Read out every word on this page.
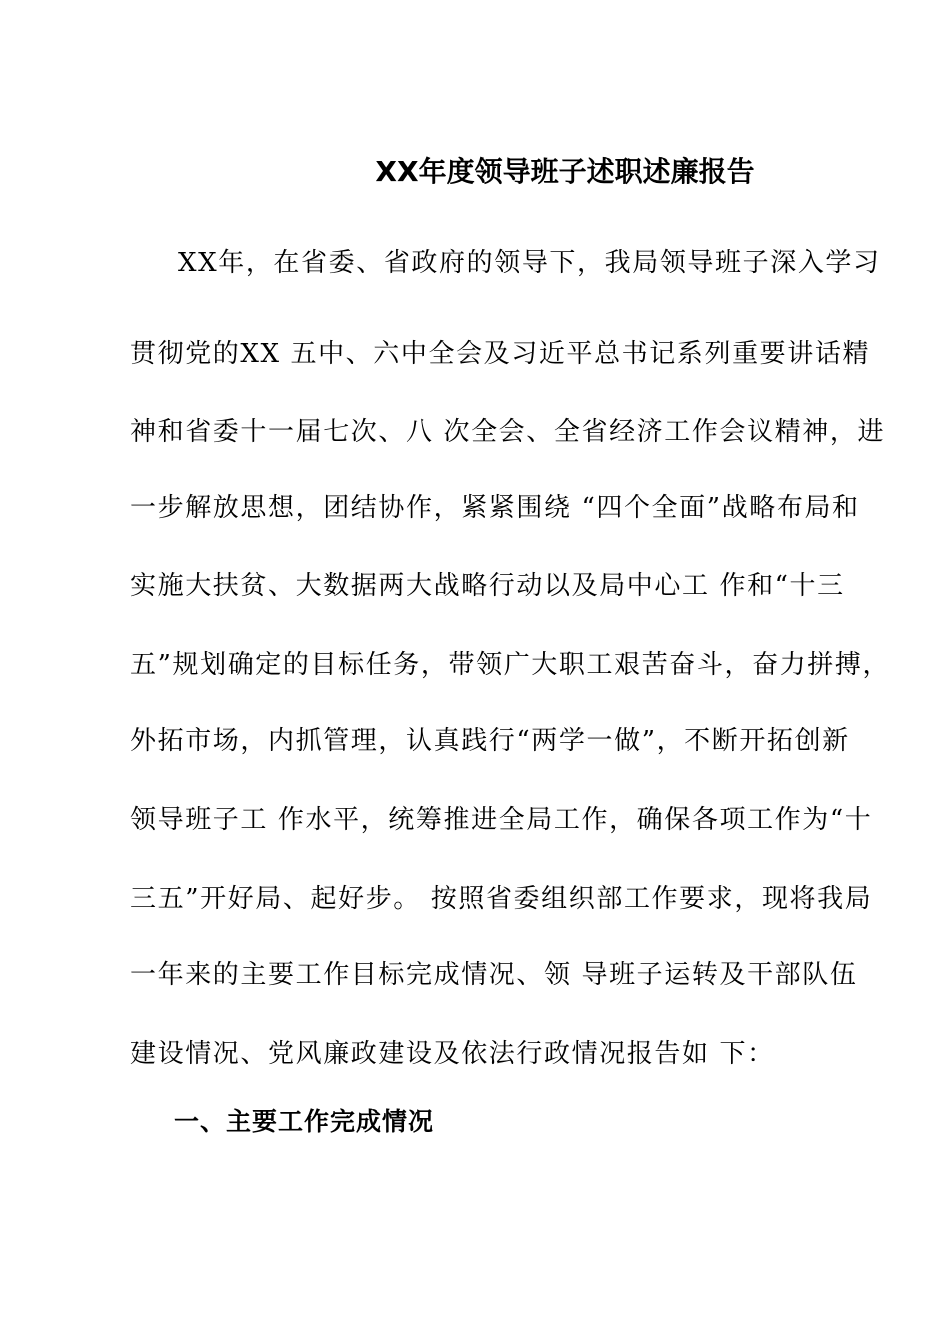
XX年度领导班子述职述廉报告
XX年，在省委、省政府的领导下，我局领导班子深入学习
贯彻党的XX 五中、六中全会及习近平总书记系列重要讲话精
神和省委十一届七次、八 次全会、全省经济工作会议精神，进
一步解放思想，团结协作，紧紧围绕 “四个全面”战略布局和
实施大扶贫、大数据两大战略行动以及局中心工 作和“十三
五”规划确定的目标任务，带领广大职工艰苦奋斗，奋力拼搏，
外拓市场，内抓管理，认真践行“两学一做”，不断开拓创新
领导班子工 作水平，统筹推进全局工作，确保各项工作为“十
三五”开好局、起好步。 按照省委组织部工作要求，现将我局
一年来的主要工作目标完成情况、领 导班子运转及干部队伍
建设情况、党风廉政建设及依法行政情况报告如 下：
一、主要工作完成情况
